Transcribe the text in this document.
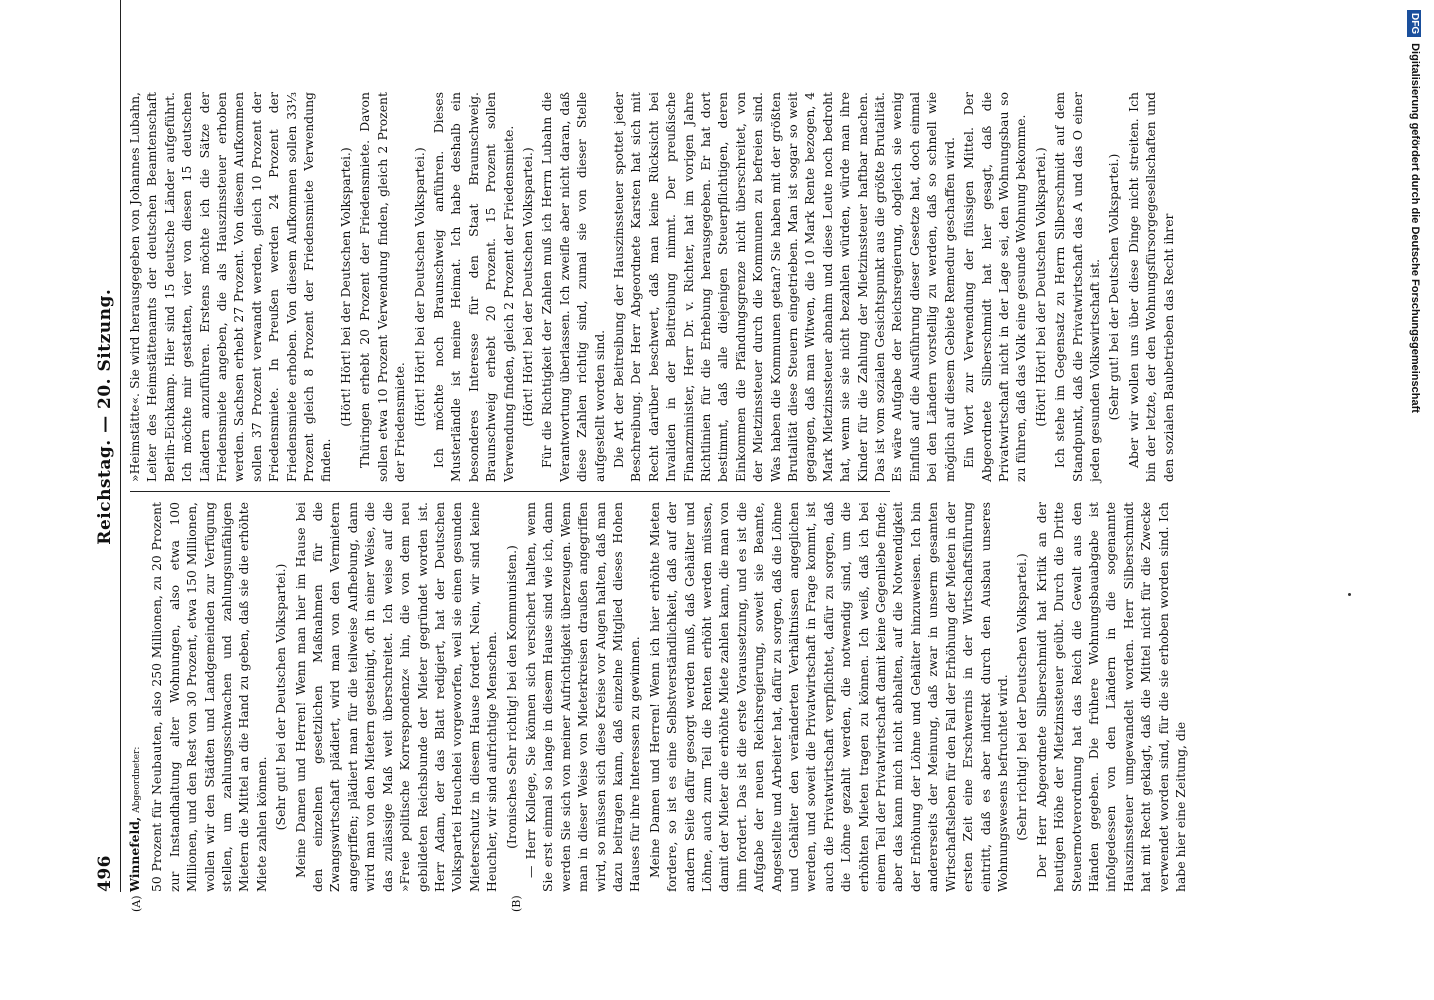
496
Reichstag. — 20. Sitzung.

Winnefeld, Abgeordneter: 50 Prozent für Neubauten, also 250 Millionen, zu 20 Prozent zur Instandhaltung alter Wohnungen, also etwa 100 Millionen, und den Rest von 30 Prozent, etwa 150 Millionen, wollen wir den Städten und Landgemeinden zur Verfügung stellen, um zahlungsschwachen und zahlungsunfähigen Mietern die Mittel an die Hand zu geben, daß sie die erhöhte Miete zahlen können. (Sehr gut! bei der Deutschen Volkspartei.) Meine Damen und Herren! Wenn man hier im Hause bei den einzelnen gesetzlichen Maßnahmen für die Zwangswirtschaft plädiert, wird man von den Vermietern angegriffen; plädiert man für die teilweise Aufhebung, dann wird man von den Mietern gesteinigt, oft in einer Weise, die das zulässige Maß weit überschreitet. Ich weise auf die »Freie politische Korrespondenz« hin, die von dem neu gebildeten Reichsbunde der Mieter gegründet worden ist. Herr Adam, der das Blatt redigiert, hat der Deutschen Volkspartei Heuchelei vorgeworfen, weil sie einen gesunden Mieterschutz in diesem Hause fordert. Nein, wir sind keine Heuchler, wir sind aufrichtige Menschen. (Ironisches Sehr richtig! bei den Kommunisten.) — Herr Kollege, Sie können sich versichert halten, wenn Sie erst einmal so lange in diesem Hause sind wie ich, dann werden Sie sich von meiner Aufrichtigkeit überzeugen. Wenn man in dieser Weise von Mieterkreisen draußen angegriffen wird, so müssen sich diese Kreise vor Augen halten, daß man dazu beitragen kann, daß einzelne Mitglied dieses Hohen Hauses für ihre Interessen zu gewinnen. Meine Damen und Herren! Wenn ich hier erhöhte Mieten fordere, so ist es eine Selbstverständlichkeit, daß auf der andern Seite dafür gesorgt werden muß, daß Gehälter und Löhne, auch zum Teil die Renten erhöht werden müssen, damit der Mieter die erhöhte Miete zahlen kann, die man von ihm fordert. Das ist die erste Voraussetzung, und es ist die Aufgabe der neuen Reichsregierung, soweit sie Beamte, Angestellte und Arbeiter hat, dafür zu sorgen, daß die Löhne und Gehälter den veränderten Verhältnissen angeglichen werden, und soweit die Privatwirtschaft in Frage kommt, ist auch die Privatwirtschaft verpflichtet, dafür zu sorgen, daß die Löhne gezahlt werden, die notwendig sind, um die erhöhten Mieten tragen zu können. Ich weiß, daß ich bei einem Teil der Privatwirtschaft damit keine Gegenliebe finde; aber das kann mich nicht abhalten, auf die Notwendigkeit der Erhöhung der Löhne und Gehälter hinzuweisen. Ich bin andererseits der Meinung, daß zwar in unserm gesamten Wirtschaftsleben für den Fall der Erhöhung der Mieten in der ersten Zeit eine Erschwernis in der Wirtschaftsführung eintritt, daß es aber indirekt durch den Ausbau unseres Wohnungswesens befruchtet wird. (Sehr richtig! bei der Deutschen Volkspartei.) Der Herr Abgeordnete Silberschmidt hat Kritik an der heutigen Höhe der Mietzinssteuer geübt. Durch die Dritte Steuernotverordnung hat das Reich die Gewalt aus den Händen gegeben. Die frühere Wohnungsbauabgabe ist infolgedessen von den Ländern in die sogenannte Hauszinssteuer umgewandelt worden. Herr Silberschmidt hat mit Recht geklagt, daß die Mittel nicht für die Zwecke verwendet worden sind, für die sie erhoben worden sind. Ich habe hier eine Zeitung, die

»Heimstätte«. Sie wird herausgegeben von Johannes Lubahn, Leiter des Heimstättenamts der deutschen Beamtenschaft Berlin-Eichkamp. Hier sind 15 deutsche Länder aufgeführt. Ich möchte mir gestatten, vier von diesen 15 deutschen Ländern anzuführen. Erstens möchte ich die Sätze der Friedensmiete angeben, die als Hauszinssteuer erhoben werden. Sachsen erhebt 27 Prozent. Von diesem Aufkommen sollen 37 Prozent verwandt werden, gleich 10 Prozent der Friedensmiete. In Preußen werden 24 Prozent der Friedensmiete erhoben. Von diesem Aufkommen sollen 33⅓ Prozent gleich 8 Prozent der Friedensmiete Verwendung finden.

(Hört! Hört! bei der Deutschen Volkspartei.) Thüringen erhebt 20 Prozent der Friedensmiete. Davon sollen etwa 10 Prozent Verwendung finden, gleich 2 Prozent der Friedensmiete. (Hört! Hört! bei der Deutschen Volkspartei.) Ich möchte noch Braunschweig anführen. Dieses Musterländle ist meine Heimat. Ich habe deshalb ein besonderes Interesse für den Staat Braunschweig. Braunschweig erhebt 20 Prozent. 15 Prozent sollen Verwendung finden, gleich 2 Prozent der Friedensmiete. (Hört! Hört! bei der Deutschen Volkspartei.) Für die Richtigkeit der Zahlen muß ich Herrn Lubahn die Verantwortung überlassen. Ich zweifle aber nicht daran, daß diese Zahlen richtig sind, zumal sie von dieser Stelle aufgestellt worden sind. Die Art der Beitreibung der Hauszinssteuer spottet jeder Beschreibung. Der Herr Abgeordnete Karsten hat sich mit Recht darüber beschwert, daß man keine Rücksicht bei Invaliden in der Beitreibung nimmt. Der preußische Finanzminister, Herr Dr. v. Richter, hat im vorigen Jahre Richtlinien für die Erhebung herausgegeben. Er hat dort bestimmt, daß alle diejenigen Steuerpflichtigen, deren Einkommen die Pfändungsgrenze nicht überschreitet, von der Mietzinssteuer durch die Kommunen zu befreien sind. Was haben die Kommunen getan? Sie haben mit der größten Brutalität diese Steuern eingetrieben. Man ist sogar so weit gegangen, daß man Witwen, die 10 Mark Rente bezogen, 4 Mark Mietzinssteuer abnahm und diese Leute noch bedroht hat, wenn sie sie nicht bezahlen würden, würde man ihre Kinder für die Zahlung der Mietzinssteuer haftbar machen. Das ist vom sozialen Gesichtspunkt aus die größte Brutalität. Es wäre Aufgabe der Reichsregierung, obgleich sie wenig Einfluß auf die Ausführung dieser Gesetze hat, doch einmal bei den Ländern vorstellig zu werden, daß so schnell wie möglich auf diesem Gebiete Remedur geschaffen wird. Ein Wort zur Verwendung der flüssigen Mittel. Der Abgeordnete Silberschmidt hat hier gesagt, daß die Privatwirtschaft nicht in der Lage sei, den Wohnungsbau so zu führen, daß das Volk eine gesunde Wohnung bekomme. (Hört! Hört! bei der Deutschen Volkspartei.) Ich stehe im Gegensatz zu Herrn Silberschmidt auf dem Standpunkt, daß die Privatwirtschaft das A und das O einer jeden gesunden Volkswirtschaft ist. (Sehr gut! bei der Deutschen Volkspartei.) Aber wir wollen uns über diese Dinge nicht streiten. Ich bin der letzte, der den Wohnungsfürsorgegesellschaften und den sozialen Baubetrieben das Recht ihrer

(A)	(B)
DFGDigitalisierung gefördert durch die Deutsche Forschungsgemeinschaft
